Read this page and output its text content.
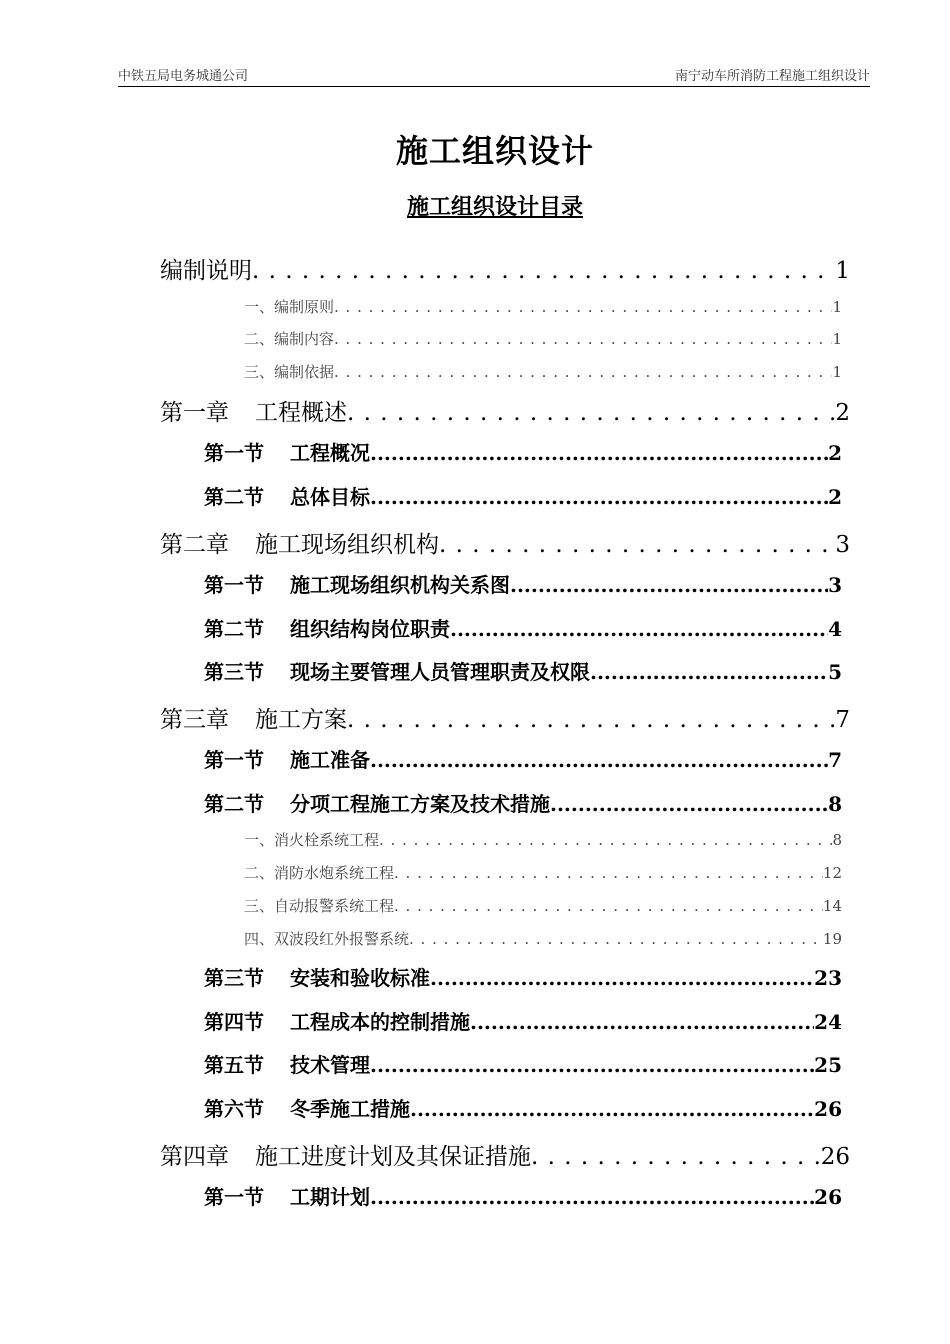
中铁五局电务城通公司	南宁动车所消防工程施工组织设计
施工组织设计
施工组织设计目录
编制说明 . . .	1
一、编制原则 . . .	1
二、编制内容 . . .	1
三、编制依据 . . .	1
第一章 工程概述 . . .	2
第一节 工程概况 .....	2
第二节 总体目标 .....	2
第二章 施工现场组织机构 . . .	3
第一节 施工现场组织机构关系图 .....	3
第二节 组织结构岗位职责 .....	4
第三节 现场主要管理人员管理职责及权限 .....	5
第三章 施工方案 . . .	7
第一节 施工准备 .....	7
第二节 分项工程施工方案及技术措施 .....	8
一、消火栓系统工程 . . .	8
二、消防水炮系统工程 . . .	12
三、自动报警系统工程 . . .	14
四、双波段红外报警系统 . . .	19
第三节 安装和验收标准 .....	23
第四节 工程成本的控制措施 .....	24
第五节 技术管理 .....	25
第六节 冬季施工措施 .....	26
第四章 施工进度计划及其保证措施 . . .	26
第一节 工期计划 .....	26
